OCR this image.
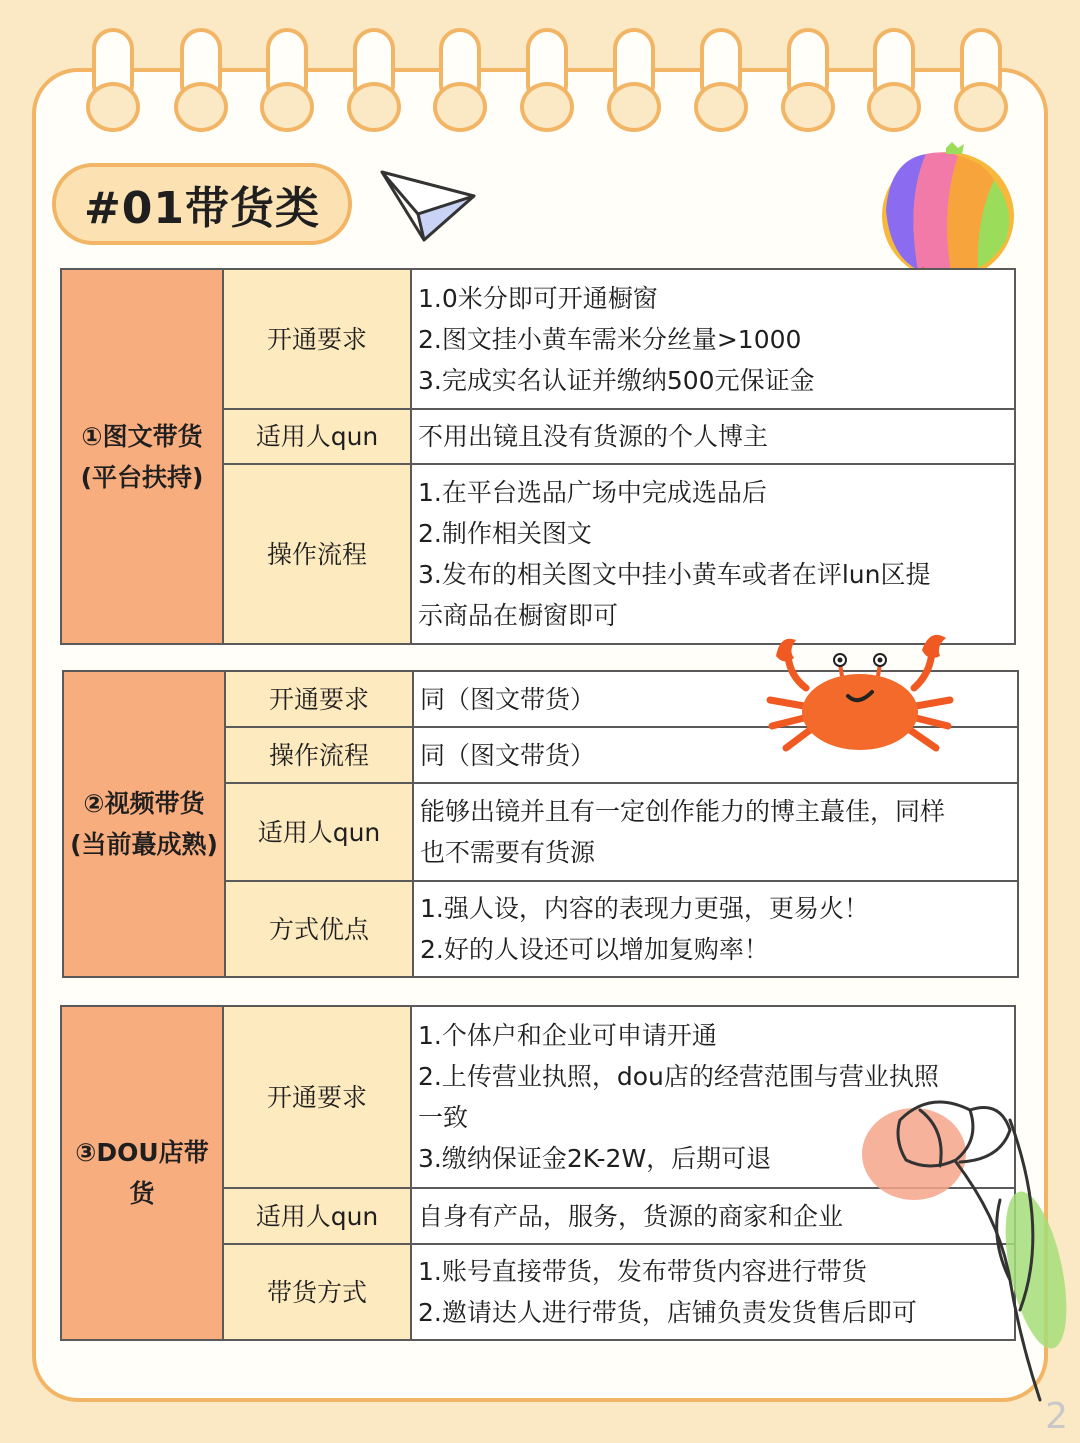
#01带货类
①图文带货(平台扶持)	开通要求	1.0米分即可开通橱窗
2.图文挂小黄车需米分丝量>1000
3.完成实名认证并缴纳500元保证金

	适用人qun	不用出镜且没有货源的个人博主

	操作流程	1.在平台选品广场中完成选品后
2.制作相关图文
3.发布的相关图文中挂小黄车或者在评lun区提
示商品在橱窗即可
②视频带货(当前蕞成熟)	开通要求	同（图文带货）

	操作流程	同（图文带货）

	适用人qun	能够出镜并且有一定创作能力的博主蕞佳，同样
也不需要有货源

	方式优点	1.强人设，内容的表现力更强，更易火！
2.好的人设还可以增加复购率！
③DOU店带货	开通要求	1.个体户和企业可申请开通
2.上传营业执照，dou店的经营范围与营业执照
一致
3.缴纳保证金2K-2W，后期可退

	适用人qun	自身有产品，服务，货源的商家和企业

	带货方式	1.账号直接带货，发布带货内容进行带货
2.邀请达人进行带货，店铺负责发货售后即可
2
